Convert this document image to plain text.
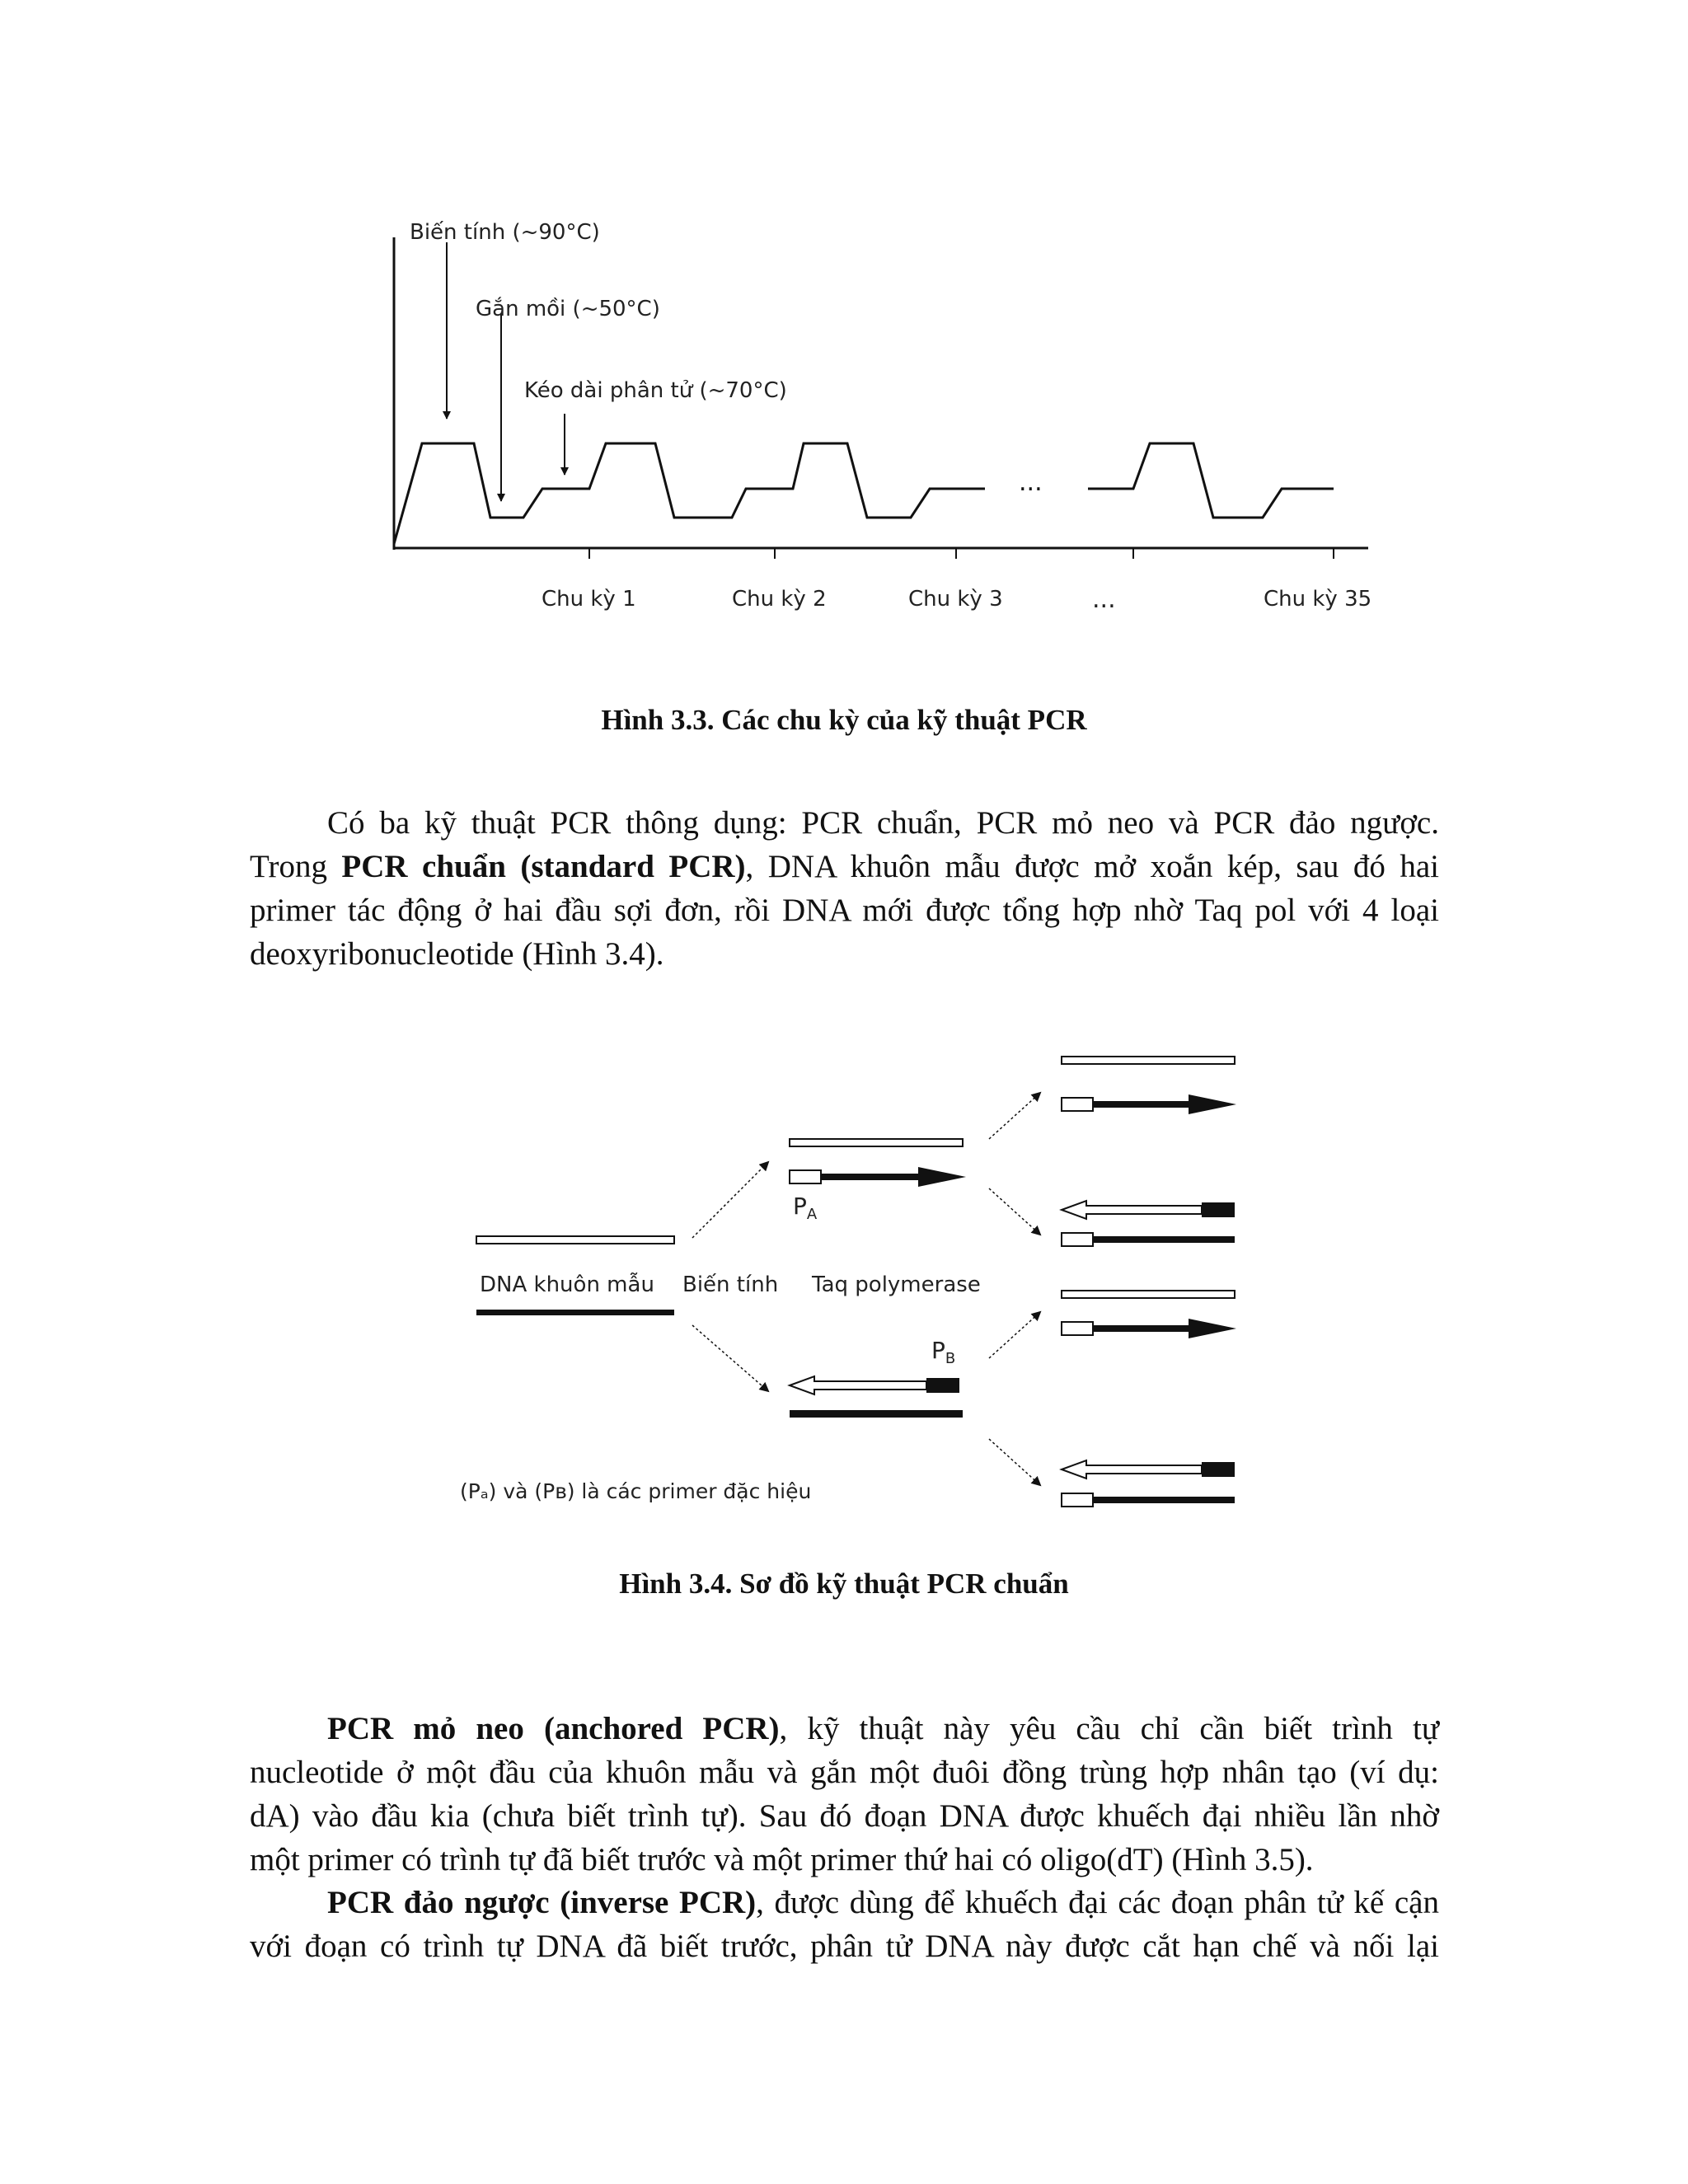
...
Biến tính (~90°C)
Gắn mồi (~50°C)
Kéo dài phân tử (~70°C)
Chu kỳ 1	Chu kỳ 2	Chu kỳ 3	...	Chu kỳ 35
Hình 3.3. Các chu kỳ của kỹ thuật PCR
Có ba kỹ thuật PCR thông dụng: PCR chuẩn, PCR mỏ neo và PCR đảo ngược.
Trong PCR chuẩn (standard PCR), DNA khuôn mẫu được mở xoắn kép, sau đó hai
primer tác động ở hai đầu sợi đơn, rồi DNA mới được tổng hợp nhờ Taq pol với 4 loại
deoxyribonucleotide (Hình 3.4).
DNA khuôn mẫu Biến tính Taq polymerase
$P_A$
$P_B$
(Pₐ) và (Pʙ) là các primer đặc hiệu
Hình 3.4. Sơ đồ kỹ thuật PCR chuẩn
PCR mỏ neo (anchored PCR), kỹ thuật này yêu cầu chỉ cần biết trình tự
nucleotide ở một đầu của khuôn mẫu và gắn một đuôi đồng trùng hợp nhân tạo (ví dụ:
dA) vào đầu kia (chưa biết trình tự). Sau đó đoạn DNA được khuếch đại nhiều lần nhờ
một primer có trình tự đã biết trước và một primer thứ hai có oligo(dT) (Hình 3.5).
PCR đảo ngược (inverse PCR), được dùng để khuếch đại các đoạn phân tử kế cận
với đoạn có trình tự DNA đã biết trước, phân tử DNA này được cắt hạn chế và nối lại
